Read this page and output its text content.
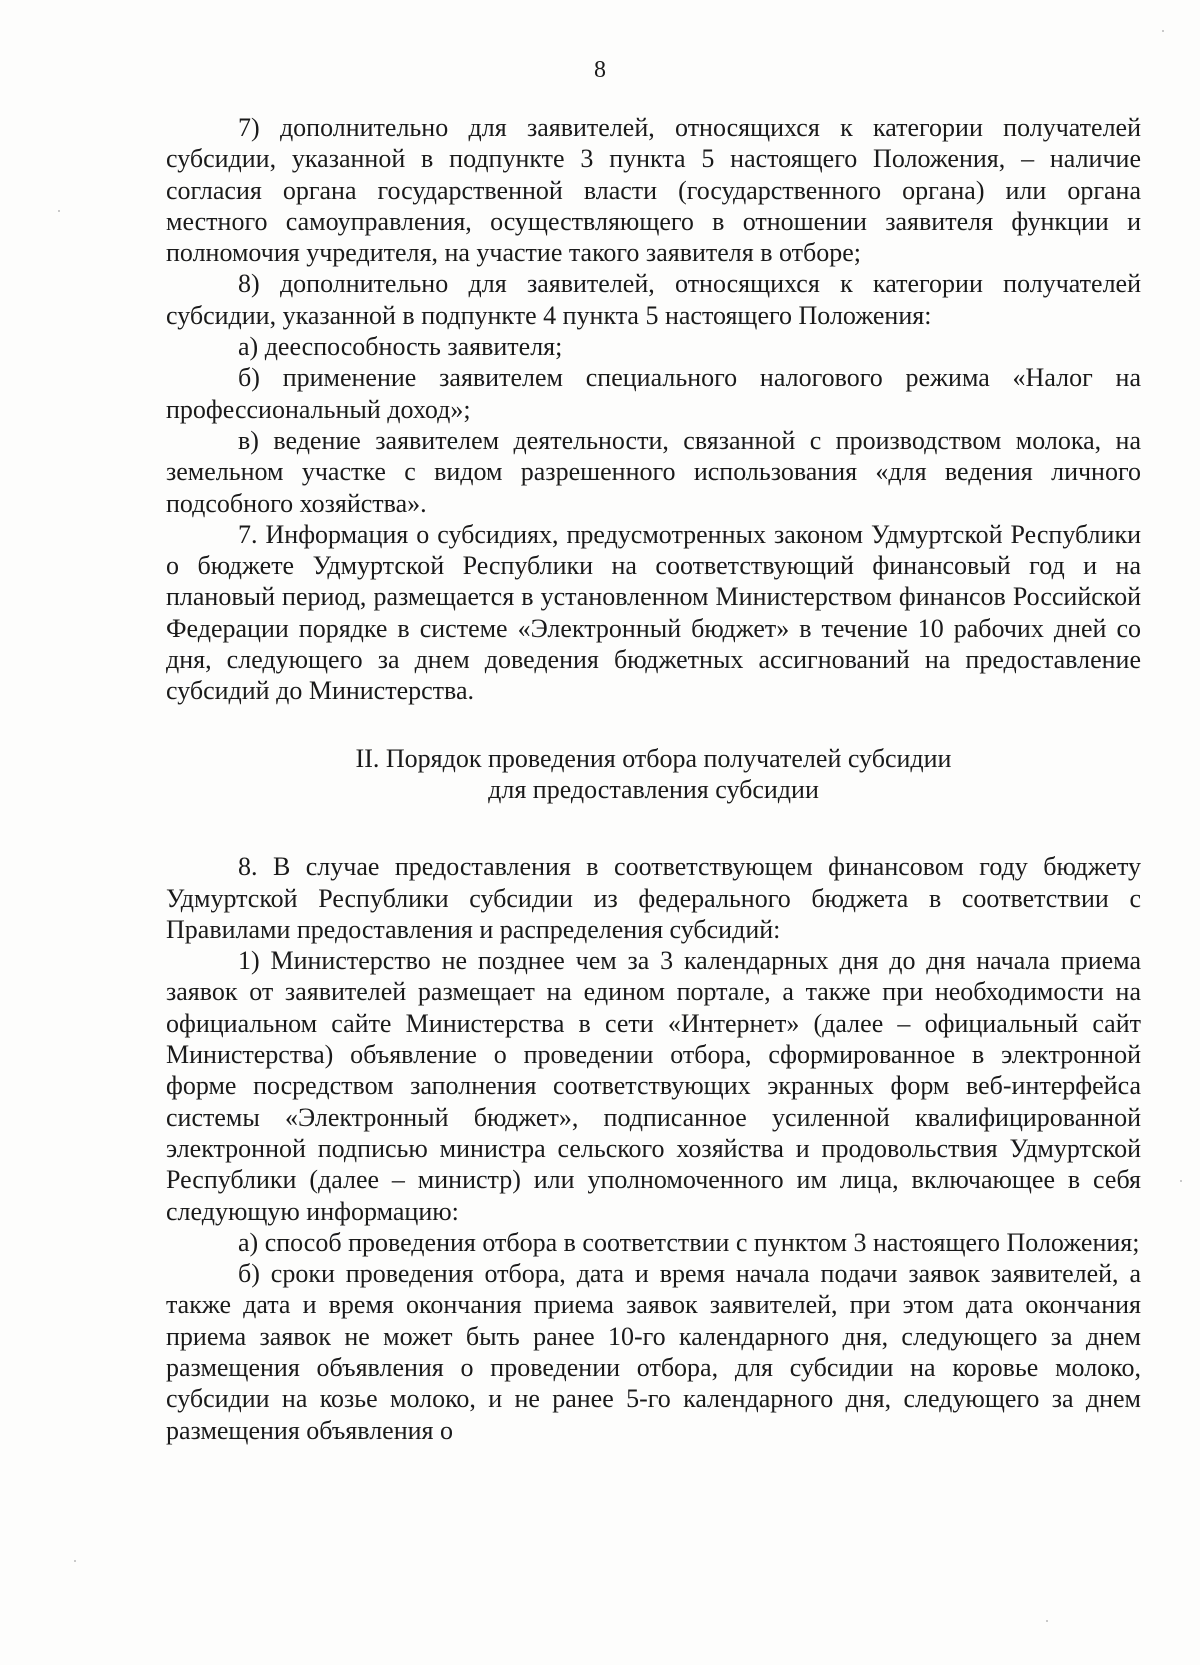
8

7) дополнительно для заявителей, относящихся к категории получателей субсидии, указанной в подпункте 3 пункта 5 настоящего Положения, – наличие согласия органа государственной власти (государственного органа) или органа местного самоуправления, осуществляющего в отношении заявителя функции и полномочия учредителя, на участие такого заявителя в отборе;

8) дополнительно для заявителей, относящихся к категории получателей субсидии, указанной в подпункте 4 пункта 5 настоящего Положения:

а) дееспособность заявителя;

б) применение заявителем специального налогового режима «Налог на профессиональный доход»;

в) ведение заявителем деятельности, связанной с производством молока, на земельном участке с видом разрешенного использования «для ведения личного подсобного хозяйства».

7. Информация о субсидиях, предусмотренных законом Удмуртской Республики о бюджете Удмуртской Республики на соответствующий финансовый год и на плановый период, размещается в установленном Министерством финансов Российской Федерации порядке в системе «Электронный бюджет» в течение 10 рабочих дней со дня, следующего за днем доведения бюджетных ассигнований на предоставление субсидий до Министерства.

II. Порядок проведения отбора получателей субсидии
для предоставления субсидии

8. В случае предоставления в соответствующем финансовом году бюджету Удмуртской Республики субсидии из федерального бюджета в соответствии с Правилами предоставления и распределения субсидий:

1) Министерство не позднее чем за 3 календарных дня до дня начала приема заявок от заявителей размещает на едином портале, а также при необходимости на официальном сайте Министерства в сети «Интернет» (далее – официальный сайт Министерства) объявление о проведении отбора, сформированное в электронной форме посредством заполнения соответствующих экранных форм веб-интерфейса системы «Электронный бюджет», подписанное усиленной квалифицированной электронной подписью министра сельского хозяйства и продовольствия Удмуртской Республики (далее – министр) или уполномоченного им лица, включающее в себя следующую информацию:

а) способ проведения отбора в соответствии с пунктом 3 настоящего Положения;

б) сроки проведения отбора, дата и время начала подачи заявок заявителей, а также дата и время окончания приема заявок заявителей, при этом дата окончания приема заявок не может быть ранее 10-го календарного дня, следующего за днем размещения объявления о проведении отбора, для субсидии на коровье молоко, субсидии на козье молоко, и не ранее 5-го календарного дня, следующего за днем размещения объявления о
